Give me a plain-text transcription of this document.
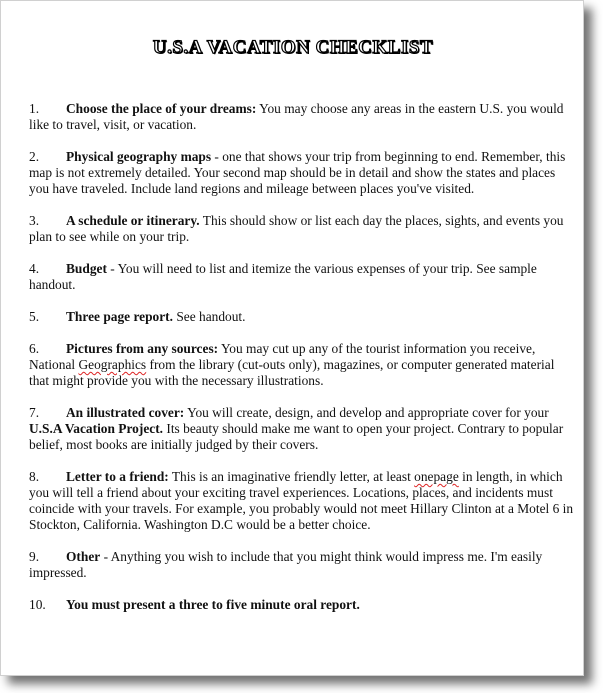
U.S.A VACATION CHECKLIST
1. Choose the place of your dreams: You may choose any areas in the eastern U.S. you would like to travel, visit, or vacation.
2. Physical geography maps - one that shows your trip from beginning to end. Remember, this map is not extremely detailed. Your second map should be in detail and show the states and places you have traveled. Include land regions and mileage between places you've visited.
3. A schedule or itinerary. This should show or list each day the places, sights, and events you plan to see while on your trip.
4. Budget - You will need to list and itemize the various expenses of your trip. See sample handout.
5. Three page report. See handout.
6. Pictures from any sources: You may cut up any of the tourist information you receive, National Geographics from the library (cut-outs only), magazines, or computer generated material that might provide you with the necessary illustrations.
7. An illustrated cover: You will create, design, and develop and appropriate cover for your U.S.A Vacation Project. Its beauty should make me want to open your project. Contrary to popular belief, most books are initially judged by their covers.
8. Letter to a friend: This is an imaginative friendly letter, at least onepage in length, in which you will tell a friend about your exciting travel experiences. Locations, places, and incidents must coincide with your travels. For example, you probably would not meet Hillary Clinton at a Motel 6 in Stockton, California. Washington D.C would be a better choice.
9. Other - Anything you wish to include that you might think would impress me. I'm easily impressed.
10. You must present a three to five minute oral report.
